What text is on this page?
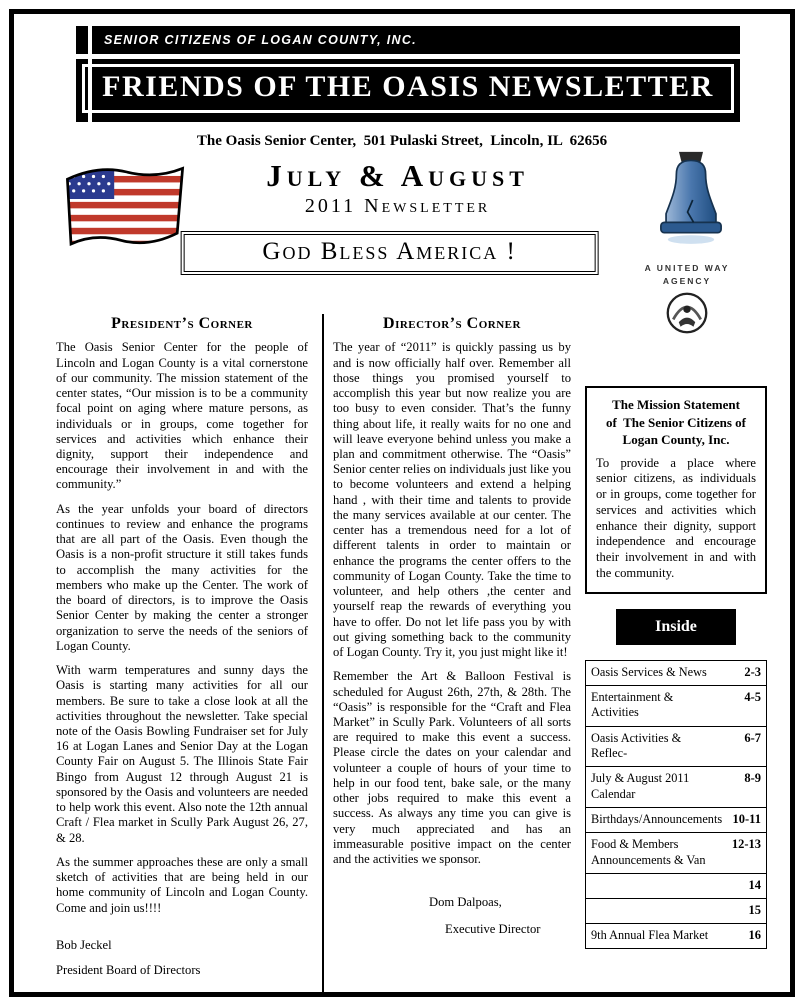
SENIOR CITIZENS OF LOGAN COUNTY, INC.
FRIENDS OF THE OASIS NEWSLETTER
The Oasis Senior Center,  501 Pulaski Street,  Lincoln, IL  62656
July & August
2011 Newsletter
God Bless America !
A UNITED WAY AGENCY
President’s Corner

The Oasis Senior Center for the people of Lincoln and Logan County is a vital cornerstone of our community. The mission statement of the center states, “Our mission is to be a community focal point on aging where mature persons, as individuals or in groups, come together for services and activities which enhance their dignity, support their independence and encourage their involvement in and with the community.”

As the year unfolds your board of directors continues to review and enhance the programs that are all part of the Oasis. Even though the Oasis is a non-profit structure it still takes funds to accomplish the many activities for the members who make up the Center. The work of the board of directors, is to improve the Oasis Senior Center by making the center a stronger organization to serve the needs of the seniors of Logan County.

With warm temperatures and sunny days the Oasis is starting many activities for all our members. Be sure to take a close look at all the activities throughout the newsletter. Take special note of the Oasis Bowling Fundraiser set for July 16 at Logan Lanes and Senior Day at the Logan County Fair on August 5. The Illinois State Fair Bingo from August 12 through August 21 is sponsored by the Oasis and volunteers are needed to help work this event. Also note the 12th annual Craft / Flea market in Scully Park August 26, 27, & 28.

As the summer approaches these are only a small sketch of activities that are being held in our home community of Lincoln and Logan County. Come and join us!!!!

Bob Jeckel
President Board of Directors
Director’s Corner

The year of “2011” is quickly passing us by and is now officially half over. Remember all those things you promised yourself to accomplish this year but now realize you are too busy to even consider. That’s the funny thing about life, it really waits for no one and will leave everyone behind unless you make a plan and commitment otherwise. The “Oasis” Senior center relies on individuals just like you to become volunteers and extend a helping hand , with their time and talents to provide the many services available at our center. The center has a tremendous need for a lot of different talents in order to maintain or enhance the programs the center offers to the community of Logan County. Take the time to volunteer, and help others ,the center and yourself reap the rewards of everything you have to offer. Do not let life pass you by with out giving something back to the community of Logan County. Try it, you just might like it!

Remember the Art & Balloon Festival is scheduled for August 26th, 27th, & 28th. The “Oasis” is responsible for the “Craft and Flea Market” in Scully Park. Volunteers of all sorts are required to make this event a success. Please circle the dates on your calendar and volunteer a couple of hours of your time to help in our food tent, bake sale, or the many other jobs required to make this event a success. As always any time you can give is very much appreciated and has an immeasurable positive impact on the center and the activities we sponsor.

Dom Dalpoas,
Executive Director
The Mission Statement
of  The Senior Citizens of
Logan County, Inc.
To provide a place where senior citizens, as individuals or in groups, come together for services and activities which enhance their dignity, support independence and encourage their involvement in and with the community.
Inside
Oasis Services & News	2-3
Entertainment & Activities
4-5
Oasis Activities & Reflec-
6-7
July & August 2011 Calendar
8-9
Birthdays/Announcements 10-11
Food & Members Announcements & Van
12-13
14
15
9th Annual Flea Market	16
